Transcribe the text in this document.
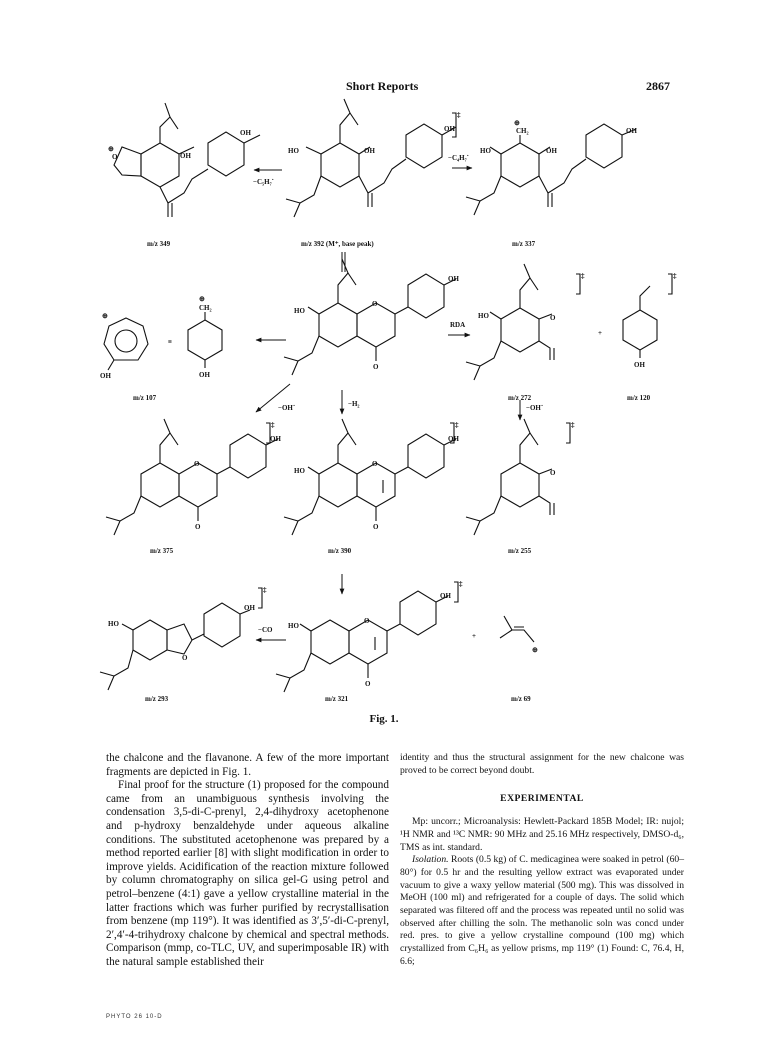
Short Reports	2867
O
⊕
OH
OH
m/z 349
−C₅H₇˙
HO	OH
OH
‡
m/z 392 (M⁺, base peak)
−C₄H₇˙
HO	OH
CH₂
⊕
OH
m/z 337
⊕
OH
≡
CH₂
⊕
OH
m/z 107
O
O
HO
OH
RDA
HO	O
‡
m/z 272
+
OH
‡
m/z 120
−OH˙	−H₂	−OH˙
O
O
OH
‡
m/z 375
O
O
HO
OH
‡
m/z 390
O
‡
m/z 255
O
HO
OH
‡
m/z 293
−CO
O
O
HO
OH
‡
m/z 321
+
⊕
m/z 69
Fig. 1.

the chalcone and the flavanone. A few of the more important fragments are depicted in Fig. 1.

Final proof for the structure (1) proposed for the compound came from an unambiguous synthesis involving the condensation 3,5-di-C-prenyl, 2,4-dihydroxy acetophenone and p-hydroxy benzaldehyde under aqueous alkaline conditions. The substituted acetophenone was prepared by a method reported earlier [8] with slight modification in order to improve yields. Acidification of the reaction mixture followed by column chromatography on silica gel-G using petrol and petrol–benzene (4:1) gave a yellow crystalline material in the latter fractions which was furher purified by recrystallisation from benzene (mp 119°). It was identified as 3′,5′-di-C-prenyl, 2′,4′-4-trihydroxy chalcone by chemical and spectral methods. Comparison (mmp, co-TLC, UV, and superimposable IR) with the natural sample established their

identity and thus the structural assignment for the new chalcone was proved to be correct beyond doubt.

EXPERIMENTAL

Mp: uncorr.; Microanalysis: Hewlett-Packard 185B Model; IR: nujol; ¹H NMR and ¹³C NMR: 90 MHz and 25.16 MHz respectively, DMSO-d₆, TMS as int. standard.

Isolation. Roots (0.5 kg) of C. medicaginea were soaked in petrol (60–80°) for 0.5 hr and the resulting yellow extract was evaporated under vacuum to give a waxy yellow material (500 mg). This was dissolved in MeOH (100 ml) and refrigerated for a couple of days. The solid which separated was filtered off and the process was repeated until no solid was observed after chilling the soln. The methanolic soln was concd under red. pres. to give a yellow crystalline compound (100 mg) which crystallized from C₆H₆ as yellow prisms, mp 119° (1) Found: C, 76.4, H, 6.6;

PHYTO 26 10-D
